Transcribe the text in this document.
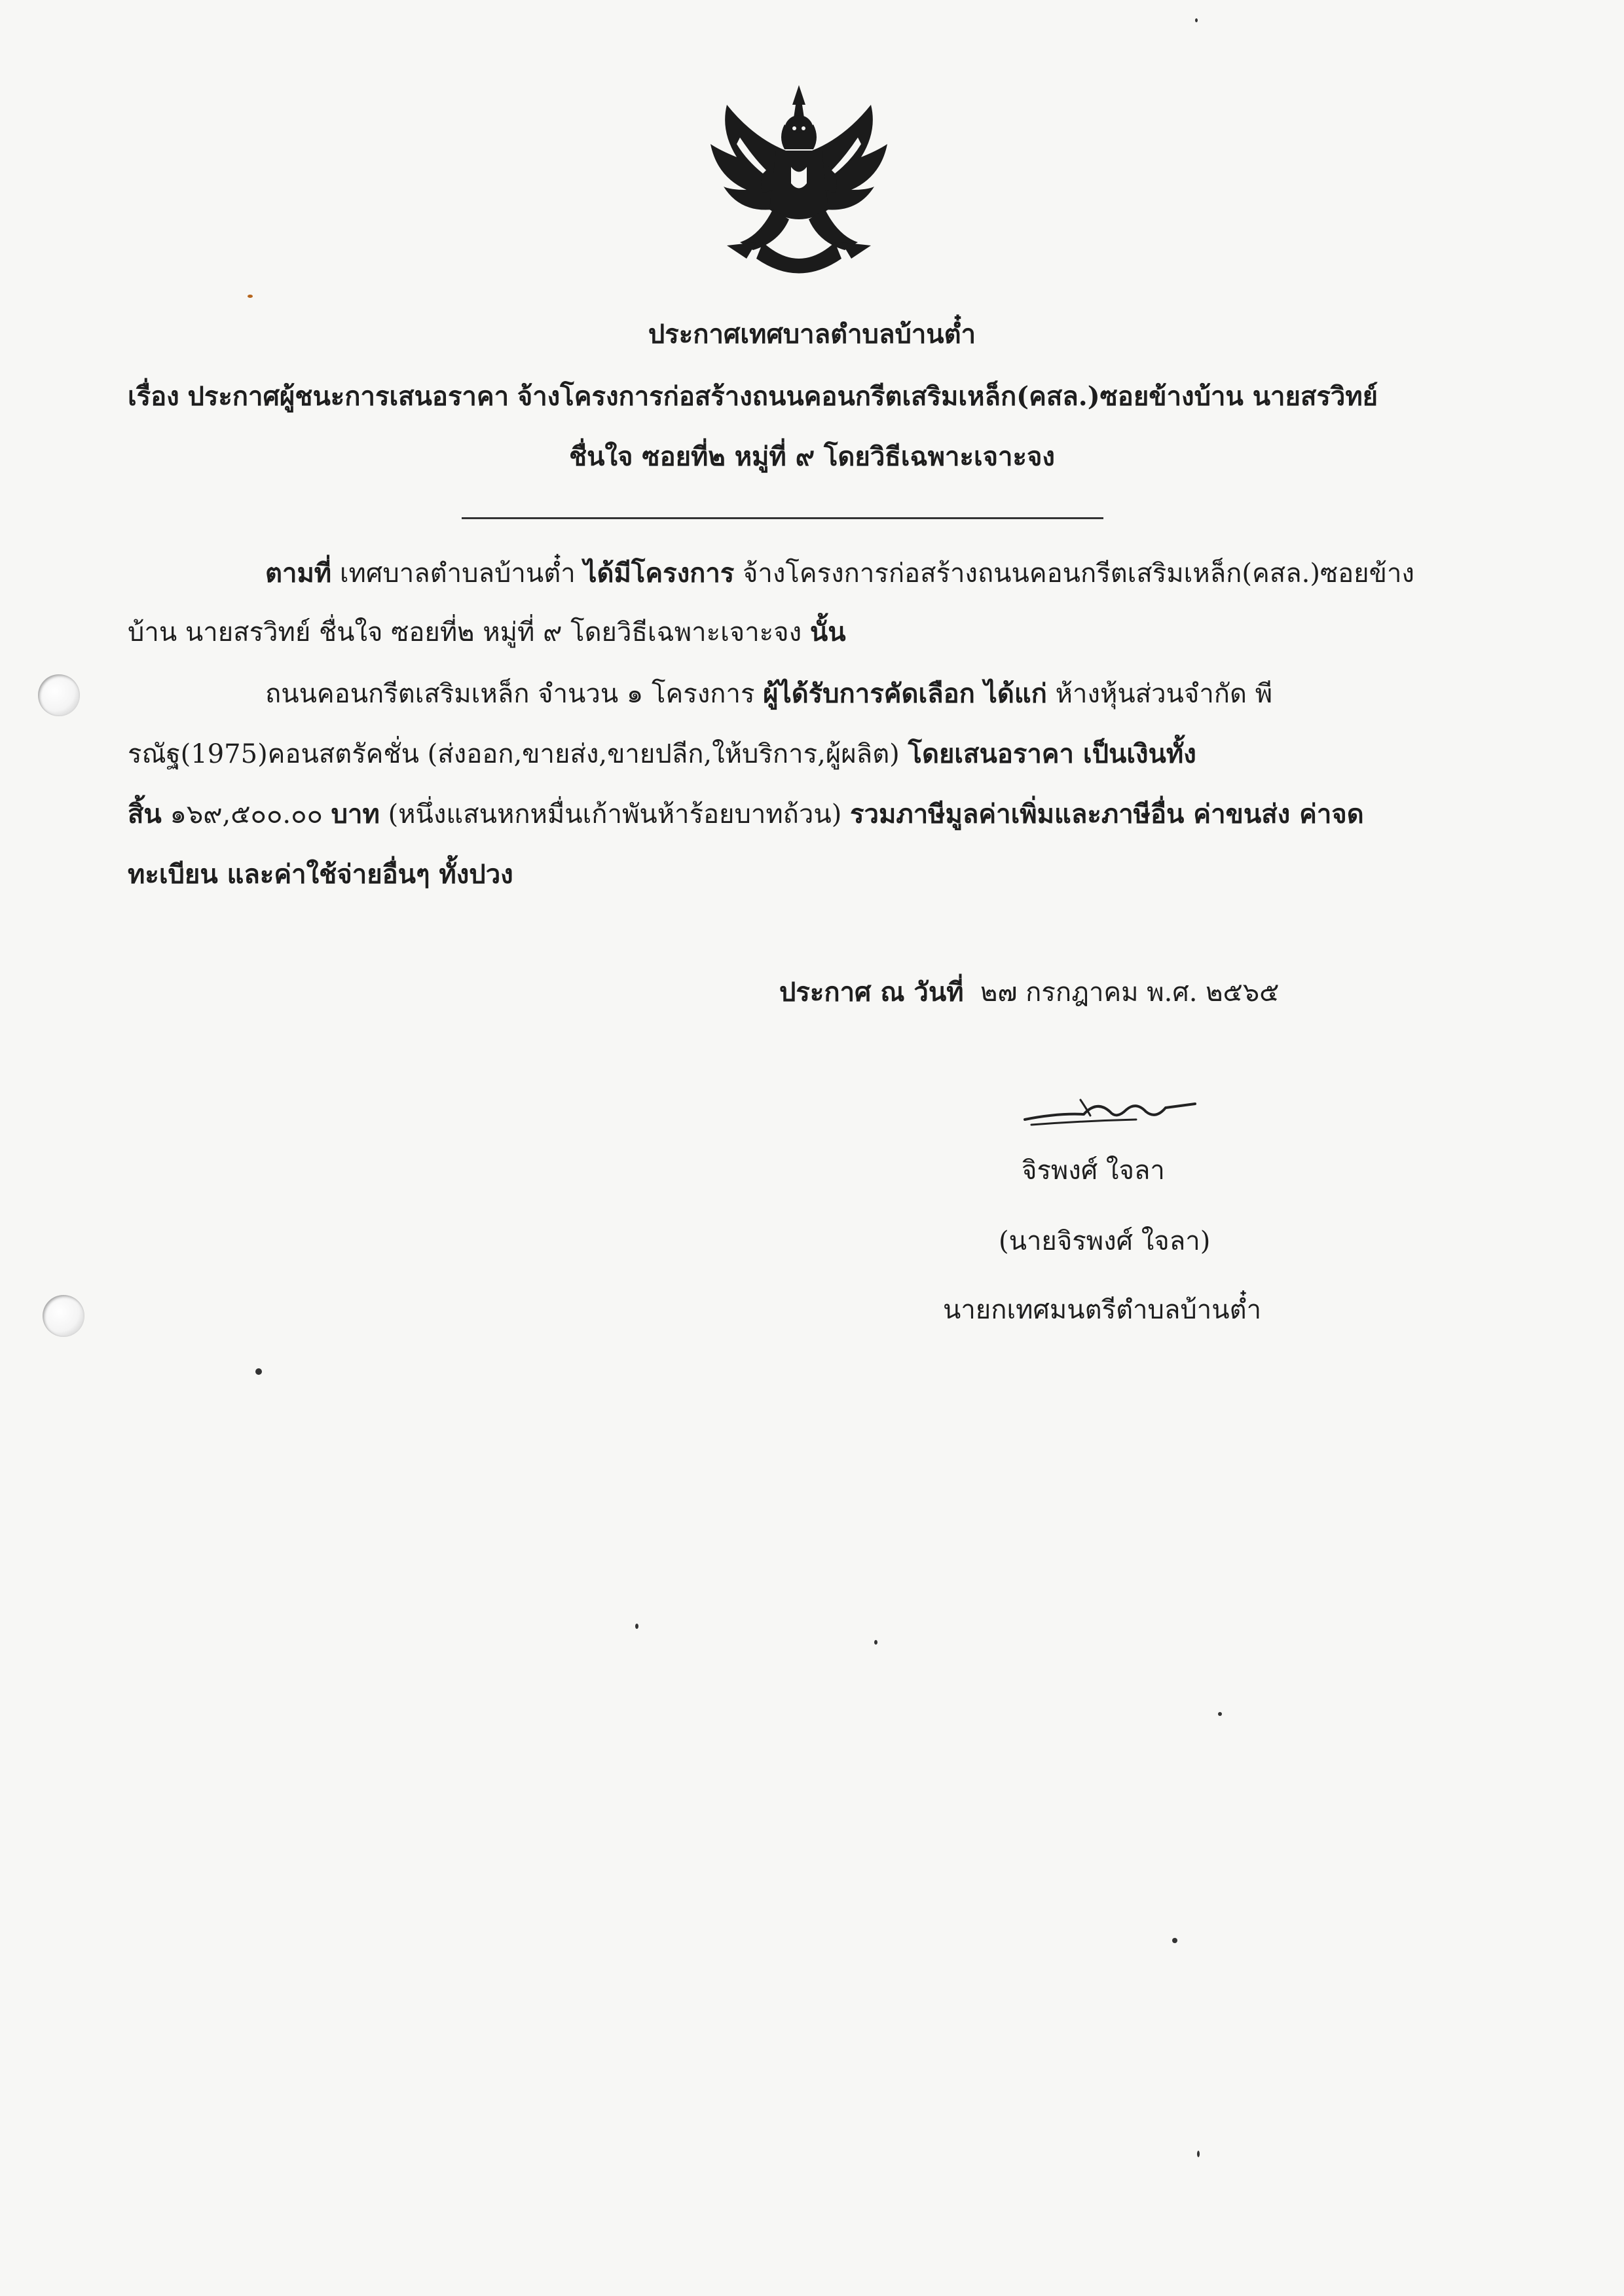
ประกาศเทศบาลตำบลบ้านต๋ำ
เรื่อง ประกาศผู้ชนะการเสนอราคา จ้างโครงการก่อสร้างถนนคอนกรีตเสริมเหล็ก(คสล.)ซอยข้างบ้าน นายสรวิทย์
ชื่นใจ ซอยที่๒ หมู่ที่ ๙ โดยวิธีเฉพาะเจาะจง
ตามที่ เทศบาลตำบลบ้านต๋ำ ได้มีโครงการ จ้างโครงการก่อสร้างถนนคอนกรีตเสริมเหล็ก(คสล.)ซอยข้าง
บ้าน นายสรวิทย์ ชื่นใจ ซอยที่๒ หมู่ที่ ๙ โดยวิธีเฉพาะเจาะจง นั้น
ถนนคอนกรีตเสริมเหล็ก จำนวน ๑ โครงการ ผู้ได้รับการคัดเลือก ได้แก่ ห้างหุ้นส่วนจำกัด พี
รณัฐ(1975)คอนสตรัคชั่น (ส่งออก,ขายส่ง,ขายปลีก,ให้บริการ,ผู้ผลิต) โดยเสนอราคา เป็นเงินทั้ง
สิ้น ๑๖๙,๕๐๐.๐๐ บาท (หนึ่งแสนหกหมื่นเก้าพันห้าร้อยบาทถ้วน) รวมภาษีมูลค่าเพิ่มและภาษีอื่น ค่าขนส่ง ค่าจด
ทะเบียน และค่าใช้จ่ายอื่นๆ ทั้งปวง
ประกาศ ณ วันที่ ๒๗ กรกฎาคม พ.ศ. ๒๕๖๕
จิรพงศ์ ใจลา
(นายจิรพงศ์ ใจลา)
นายกเทศมนตรีตำบลบ้านต๋ำ
